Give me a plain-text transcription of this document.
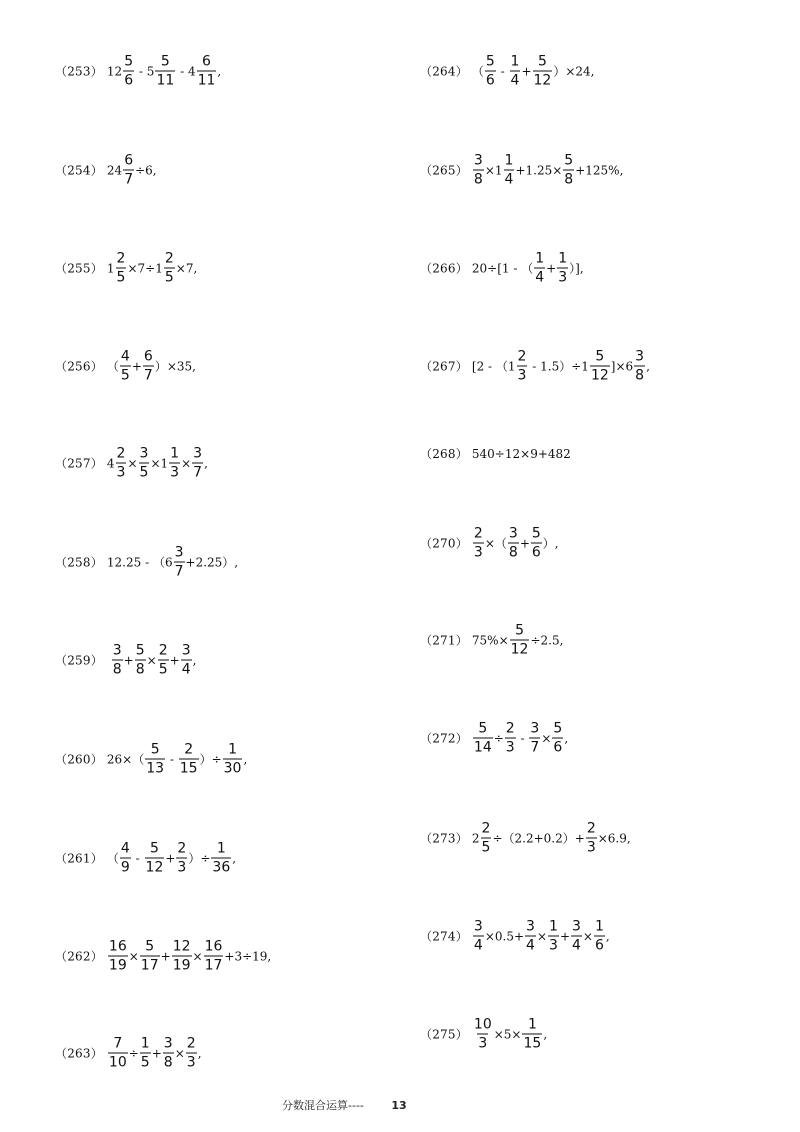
（253） $12 \frac{5}{6} - 5 \frac{5}{11} - 4 \frac{6}{11}$ ,
（254） $24 \frac{6}{7} \div 6$,
（255） $1 \frac{2}{5} \times 7\div 1 \frac{2}{5} \times 7$,
（256） （ $\frac{4}{5} + \frac{6}{7} )\times 35$,
（257） $4 \frac{2}{3} \times \frac{3}{5} \times 1 \frac{1}{3} \times \frac{3}{7}$ ,
（258） $12.25 - (6 \frac{3}{7} +2.25)$,
（259）
$\frac{3}{8} + \frac{5}{8} \times \frac{2}{5} + \frac{3}{4}$ ,
（260） $26\times( \frac{5}{13} - \frac{2}{15}$ ）÷ $\frac{1}{30}$ ,
（261） （ $\frac{4}{9} - \frac{5}{12} + \frac{2}{3}$ ）÷ $\frac{1}{36}$ ,
$(262) \frac{16}{19} \times \frac{5}{17} + \frac{12}{19} \times \frac{16}{17} +3\div 19$,
$(263) \frac{7}{10} \div \frac{1}{5} + \frac{3}{8} \times \frac{2}{3}$ ,
（264） （ $\frac{5}{6} - \frac{1}{4} + \frac{5}{12} )\times 24$,
$(265) \frac{3}{8} \times 1 \frac{1}{4} +1.25\times \frac{5}{8} +125\%$,
（266） 20÷[1 - （ $\frac{1}{4} + \frac{1}{3}$ ）],
（267） $[2 - (1 \frac{2}{3} - 1.5)\div 1 \frac{5}{12} ]\times 6 \frac{3}{8}$ ,
（268） 540÷12×9+482
$(270) \frac{2}{3}$ ×（ $\frac{3}{8} + \frac{5}{6}$ ）,
（271） $75\%\times \frac{5}{12} \div 2.5$,
$(272) \frac{5}{14} \div \frac{2}{3} - \frac{3}{7} \times \frac{5}{6}$ ,
（273） $2 \frac{2}{5} \div(2.2+0.2)+ \frac{2}{3} \times 6.9$,
$(274) \frac{3}{4} \times 0.5+ \frac{3}{4} \times \frac{1}{3} + \frac{3}{4} \times \frac{1}{6}$ ,
$(275) \frac{10}{3} \times 5\times \frac{1}{15}$ ,
分数混合运算----	13
